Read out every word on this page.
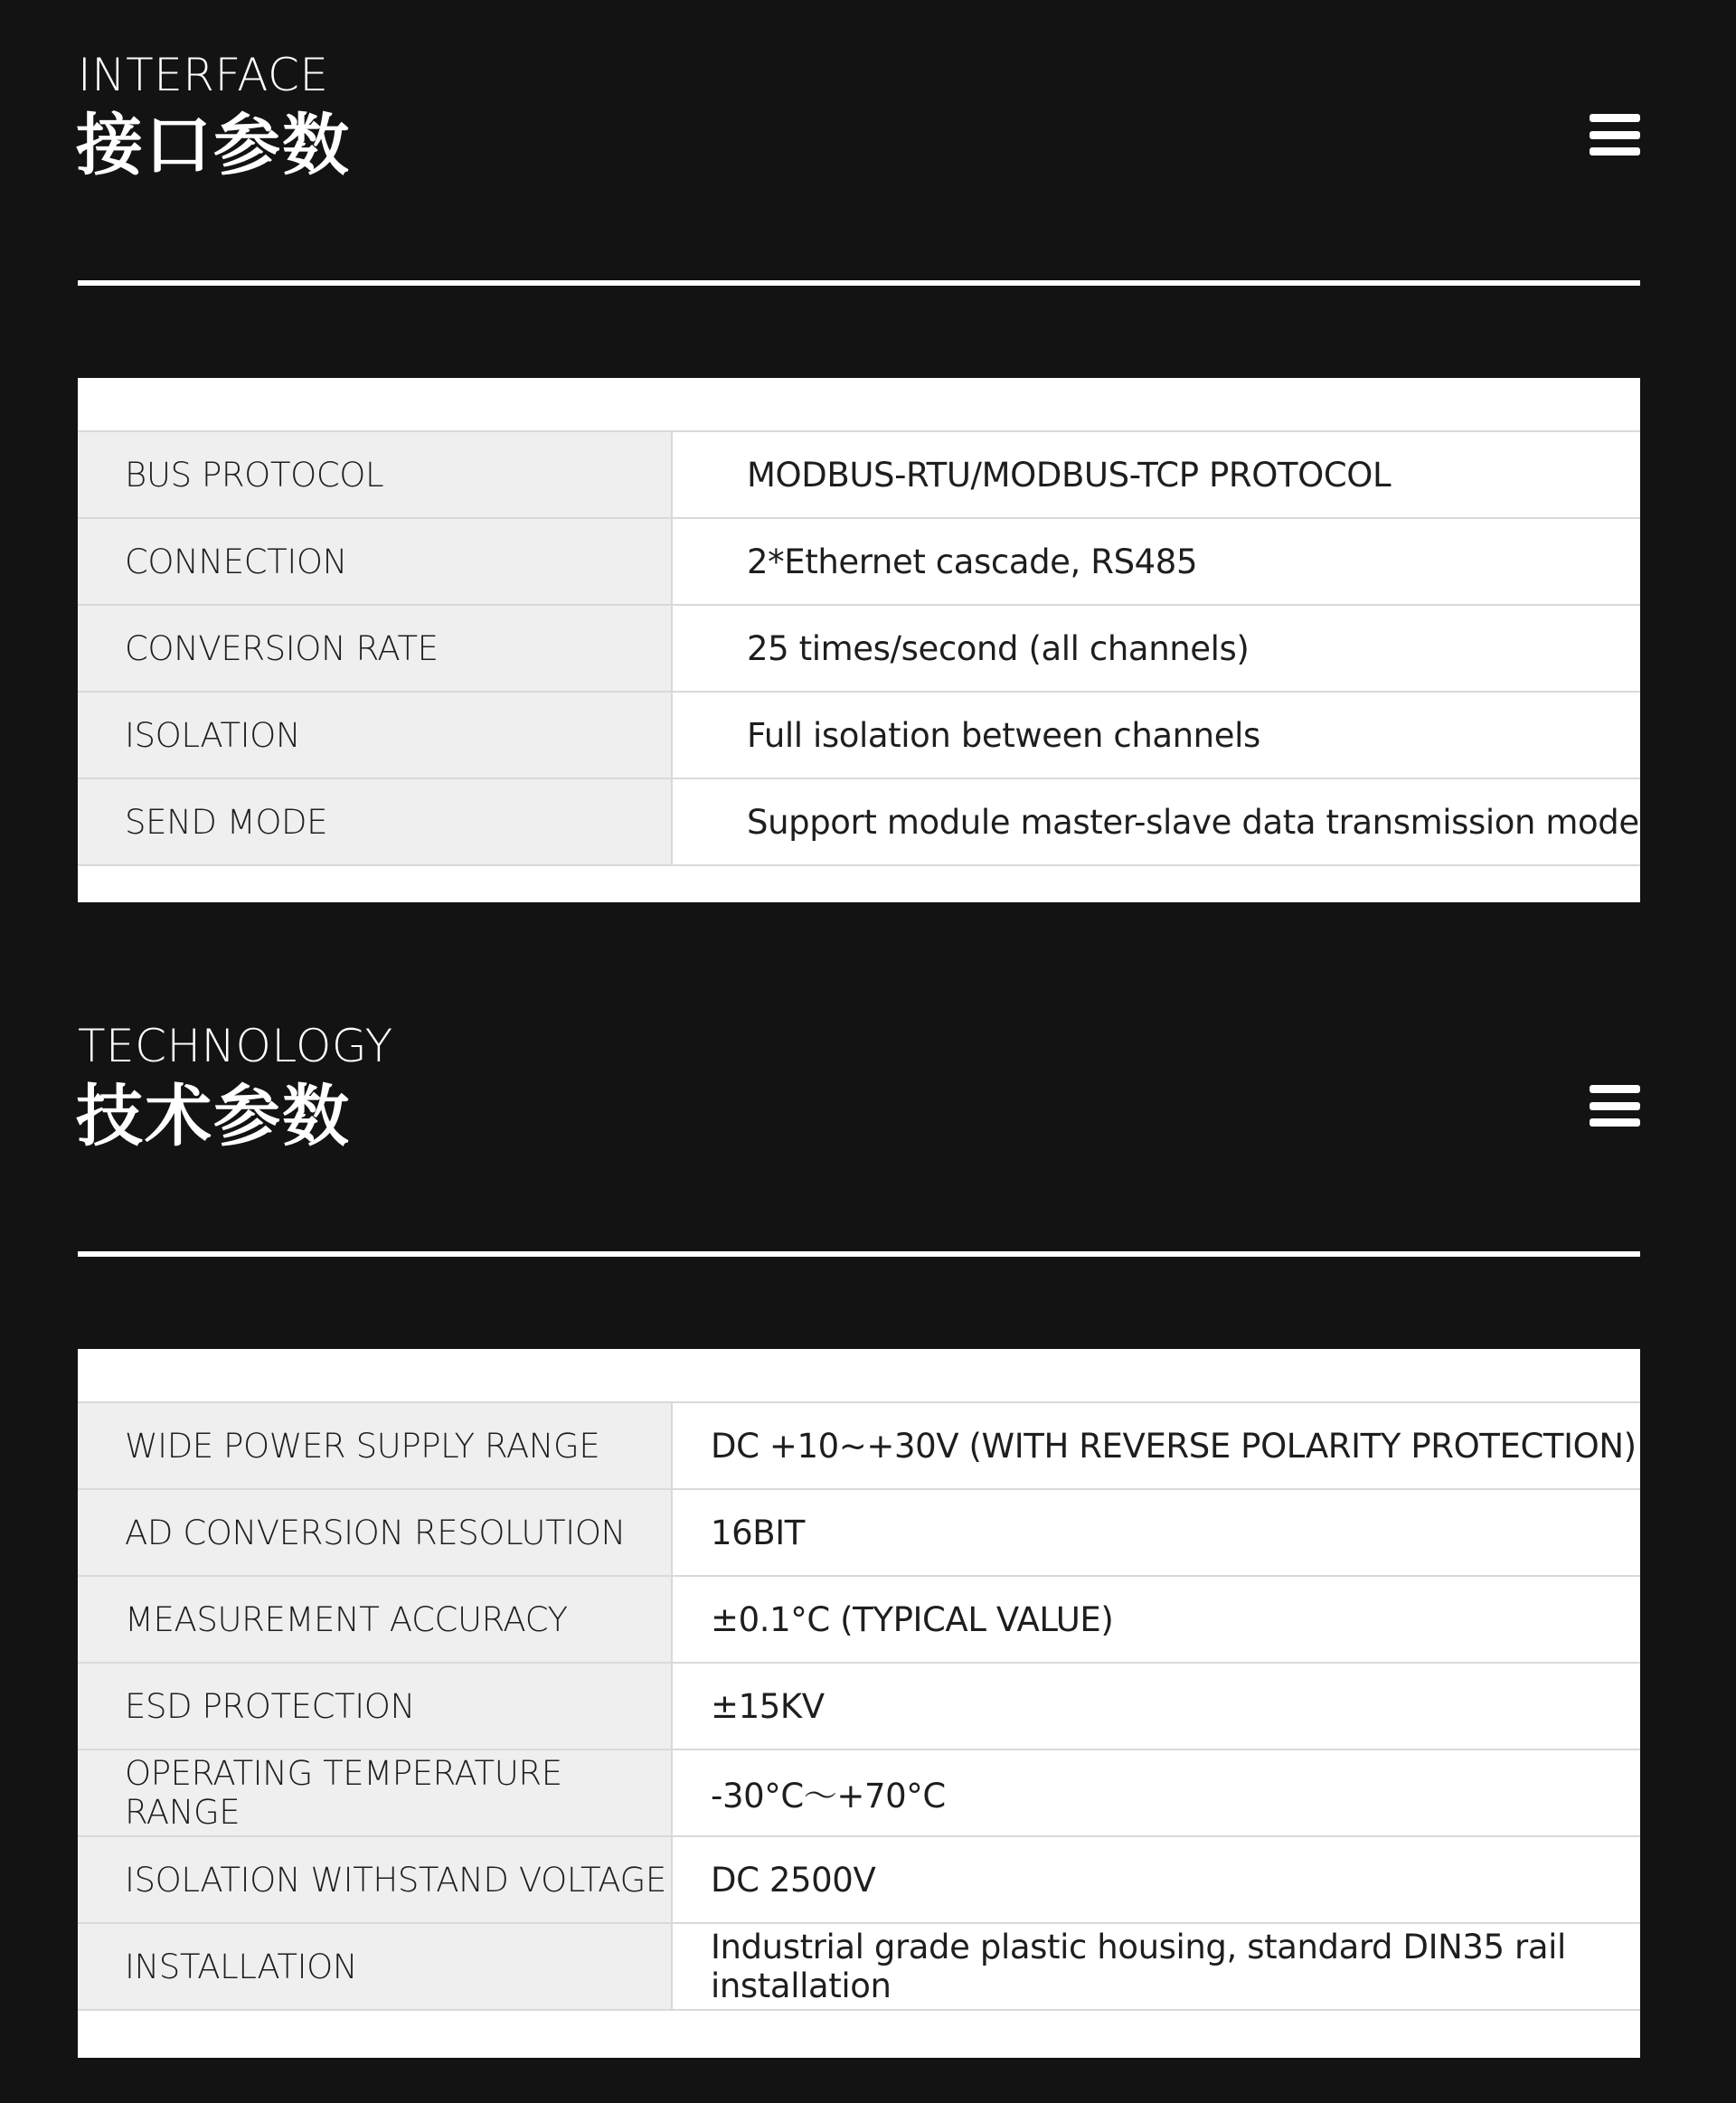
INTERFACE
接口参数
BUS PROTOCOL	MODBUS-RTU/MODBUS-TCP PROTOCOL
CONNECTION	2*Ethernet cascade, RS485
CONVERSION RATE	25 times/second (all channels)
ISOLATION	Full isolation between channels
SEND MODE	Support module master-slave data transmission mode
TECHNOLOGY
技术参数
WIDE POWER SUPPLY RANGE	DC +10~+30V (WITH REVERSE POLARITY PROTECTION)
AD CONVERSION RESOLUTION	16BIT
MEASUREMENT ACCURACY	±0.1°C (TYPICAL VALUE)
ESD PROTECTION	±15KV
OPERATING TEMPERATURE RANGE	-30°C～+70°C
ISOLATION WITHSTAND VOLTAGE	DC 2500V
INSTALLATION	Industrial grade plastic housing, standard DIN35 rail installation
